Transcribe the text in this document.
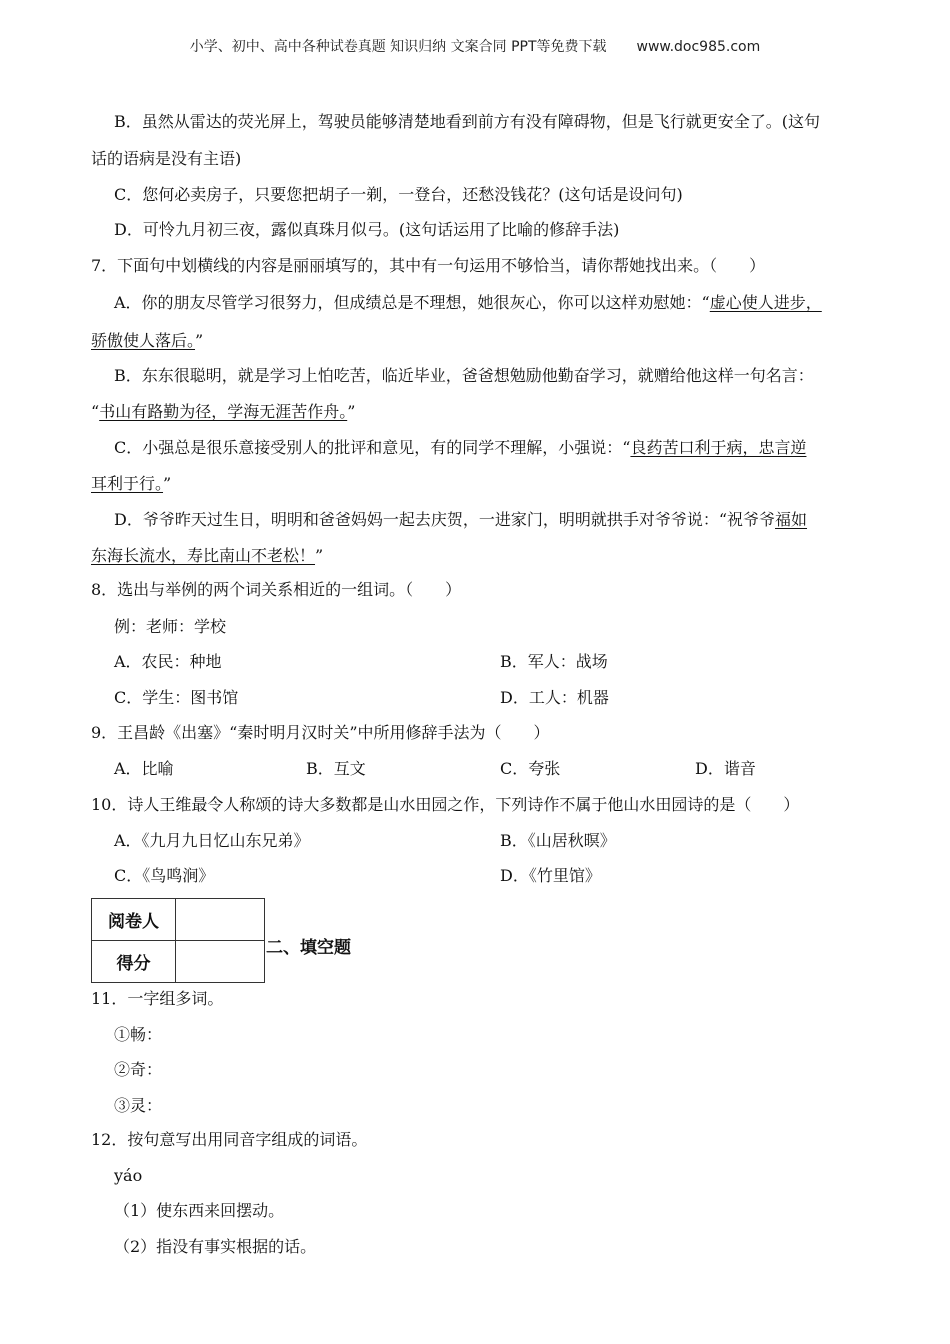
小学、初中、高中各种试卷真题 知识归纳 文案合同 PPT等免费下载 www.doc985.com
B．虽然从雷达的荧光屏上，驾驶员能够清楚地看到前方有没有障碍物，但是飞行就更安全了。(这句
话的语病是没有主语)
C．您何必卖房子，只要您把胡子一剃，一登台，还愁没钱花？(这句话是设问句)
D．可怜九月初三夜，露似真珠月似弓。(这句话运用了比喻的修辞手法)
7．下面句中划横线的内容是丽丽填写的，其中有一句运用不够恰当，请你帮她找出来。（　　）
A．你的朋友尽管学习很努力，但成绩总是不理想，她很灰心，你可以这样劝慰她：“虚心使人进步，
骄傲使人落后。”
B．东东很聪明，就是学习上怕吃苦，临近毕业，爸爸想勉励他勤奋学习，就赠给他这样一句名言：
“书山有路勤为径，学海无涯苦作舟。”
C．小强总是很乐意接受别人的批评和意见，有的同学不理解，小强说：“良药苦口利于病，忠言逆
耳利于行。”
D．爷爷昨天过生日，明明和爸爸妈妈一起去庆贺，一进家门，明明就拱手对爷爷说：“祝爷爷福如
东海长流水，寿比南山不老松！”
8．选出与举例的两个词关系相近的一组词。（　　）
例：老师：学校
A．农民：种地	B．军人：战场
C．学生：图书馆	D．工人：机器
9．王昌龄《出塞》“秦时明月汉时关”中所用修辞手法为（　　）
A．比喻	B．互文	C．夸张	D．谐音
10．诗人王维最令人称颂的诗大多数都是山水田园之作，下列诗作不属于他山水田园诗的是（　　）
A．《九月九日忆山东兄弟》	B．《山居秋暝》
C．《鸟鸣涧》	D．《竹里馆》
阅卷人	
得分	
二、填空题
11．一字组多词。
①畅：
②奇：
③灵：
12．按句意写出用同音字组成的词语。
yáo
（1）使东西来回摆动。
（2）指没有事实根据的话。
